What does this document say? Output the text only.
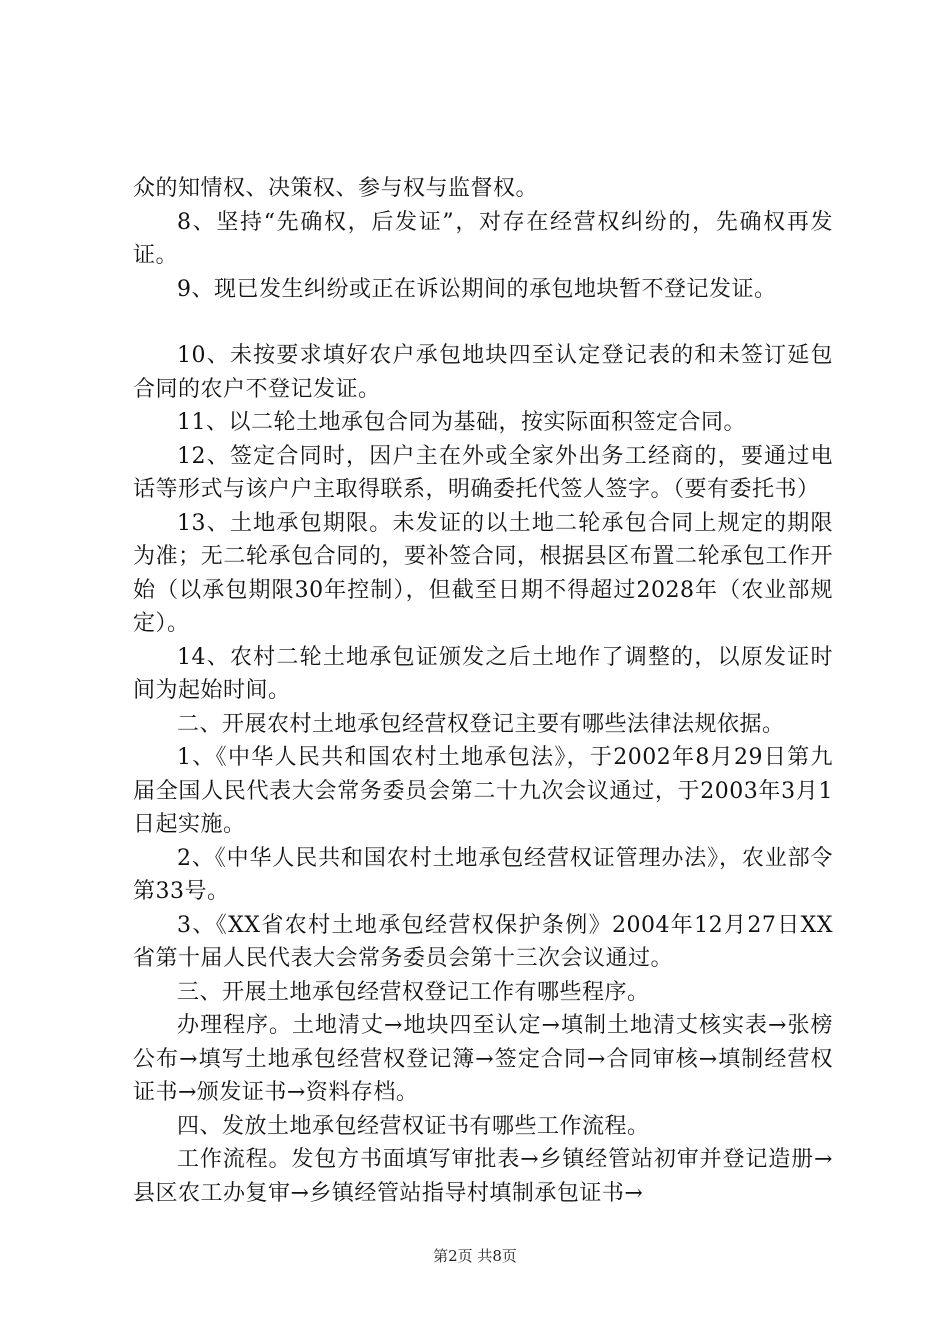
众的知情权、决策权、参与权与监督权。

8、坚持“先确权，后发证”，对存在经营权纠纷的，先确权再发证。

9、现已发生纠纷或正在诉讼期间的承包地块暂不登记发证。

10、未按要求填好农户承包地块四至认定登记表的和未签订延包合同的农户不登记发证。

11、以二轮土地承包合同为基础，按实际面积签定合同。

12、签定合同时，因户主在外或全家外出务工经商的，要通过电话等形式与该户户主取得联系，明确委托代签人签字。（要有委托书）

13、土地承包期限。未发证的以土地二轮承包合同上规定的期限为准；无二轮承包合同的，要补签合同，根据县区布置二轮承包工作开始（以承包期限30年控制），但截至日期不得超过2028年（农业部规定）。

14、农村二轮土地承包证颁发之后土地作了调整的，以原发证时间为起始时间。

二、开展农村土地承包经营权登记主要有哪些法律法规依据。

1、《中华人民共和国农村土地承包法》，于2002年8月29日第九届全国人民代表大会常务委员会第二十九次会议通过，于2003年3月1日起实施。

2、《中华人民共和国农村土地承包经营权证管理办法》，农业部令第33号。

3、《XX省农村土地承包经营权保护条例》2004年12月27日XX省第十届人民代表大会常务委员会第十三次会议通过。

三、开展土地承包经营权登记工作有哪些程序。

办理程序。土地清丈→地块四至认定→填制土地清丈核实表→张榜公布→填写土地承包经营权登记簿→签定合同→合同审核→填制经营权证书→颁发证书→资料存档。

四、发放土地承包经营权证书有哪些工作流程。

工作流程。发包方书面填写审批表→乡镇经管站初审并登记造册→县区农工办复审→乡镇经管站指导村填制承包证书→

第2页 共8页
